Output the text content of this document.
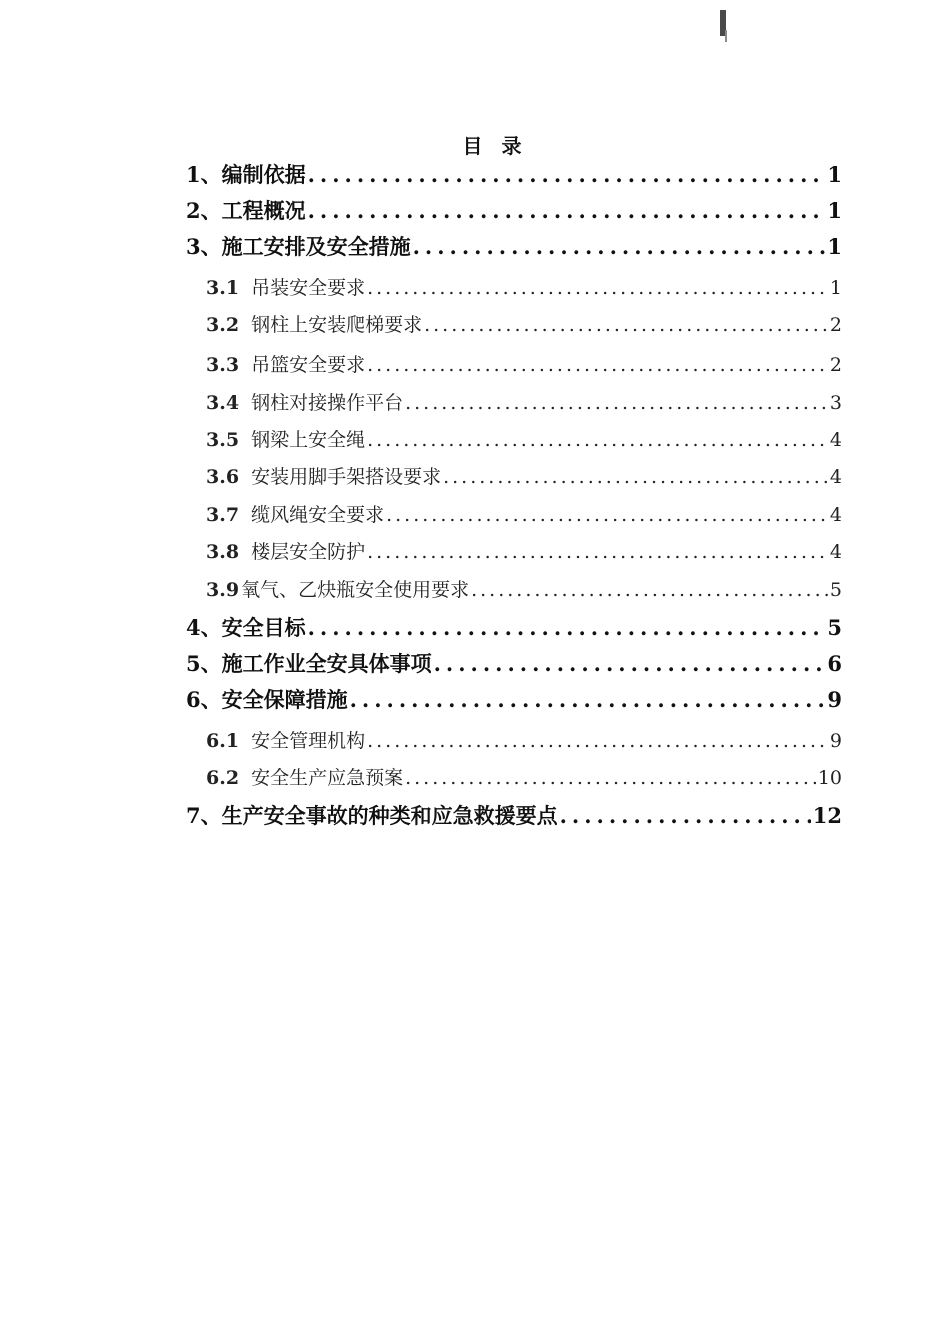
目 录
1、 编制依据 .....	1
2、 工程概况 .....	1
3、 施工安排及安全措施 .....	1
3.1 吊装安全要求 .....	1
3.2 钢柱上安装爬梯要求 .....	2
3.3 吊篮安全要求 .....	2
3.4 钢柱对接操作平台 .....	3
3.5 钢梁上安全绳 .....	4
3.6 安装用脚手架搭设要求 .....	4
3.7 缆风绳安全要求 .....	4
3.8 楼层安全防护 .....	4
3.9 氧气、乙炔瓶安全使用要求 .....	5
4、 安全目标 .....	5
5、 施工作业全安具体事项 .....	6
6、 安全保障措施 .....	9
6.1 安全管理机构 .....	9
6.2 安全生产应急预案 .....	10
7、 生产安全事故的种类和应急救援要点 .....	12
